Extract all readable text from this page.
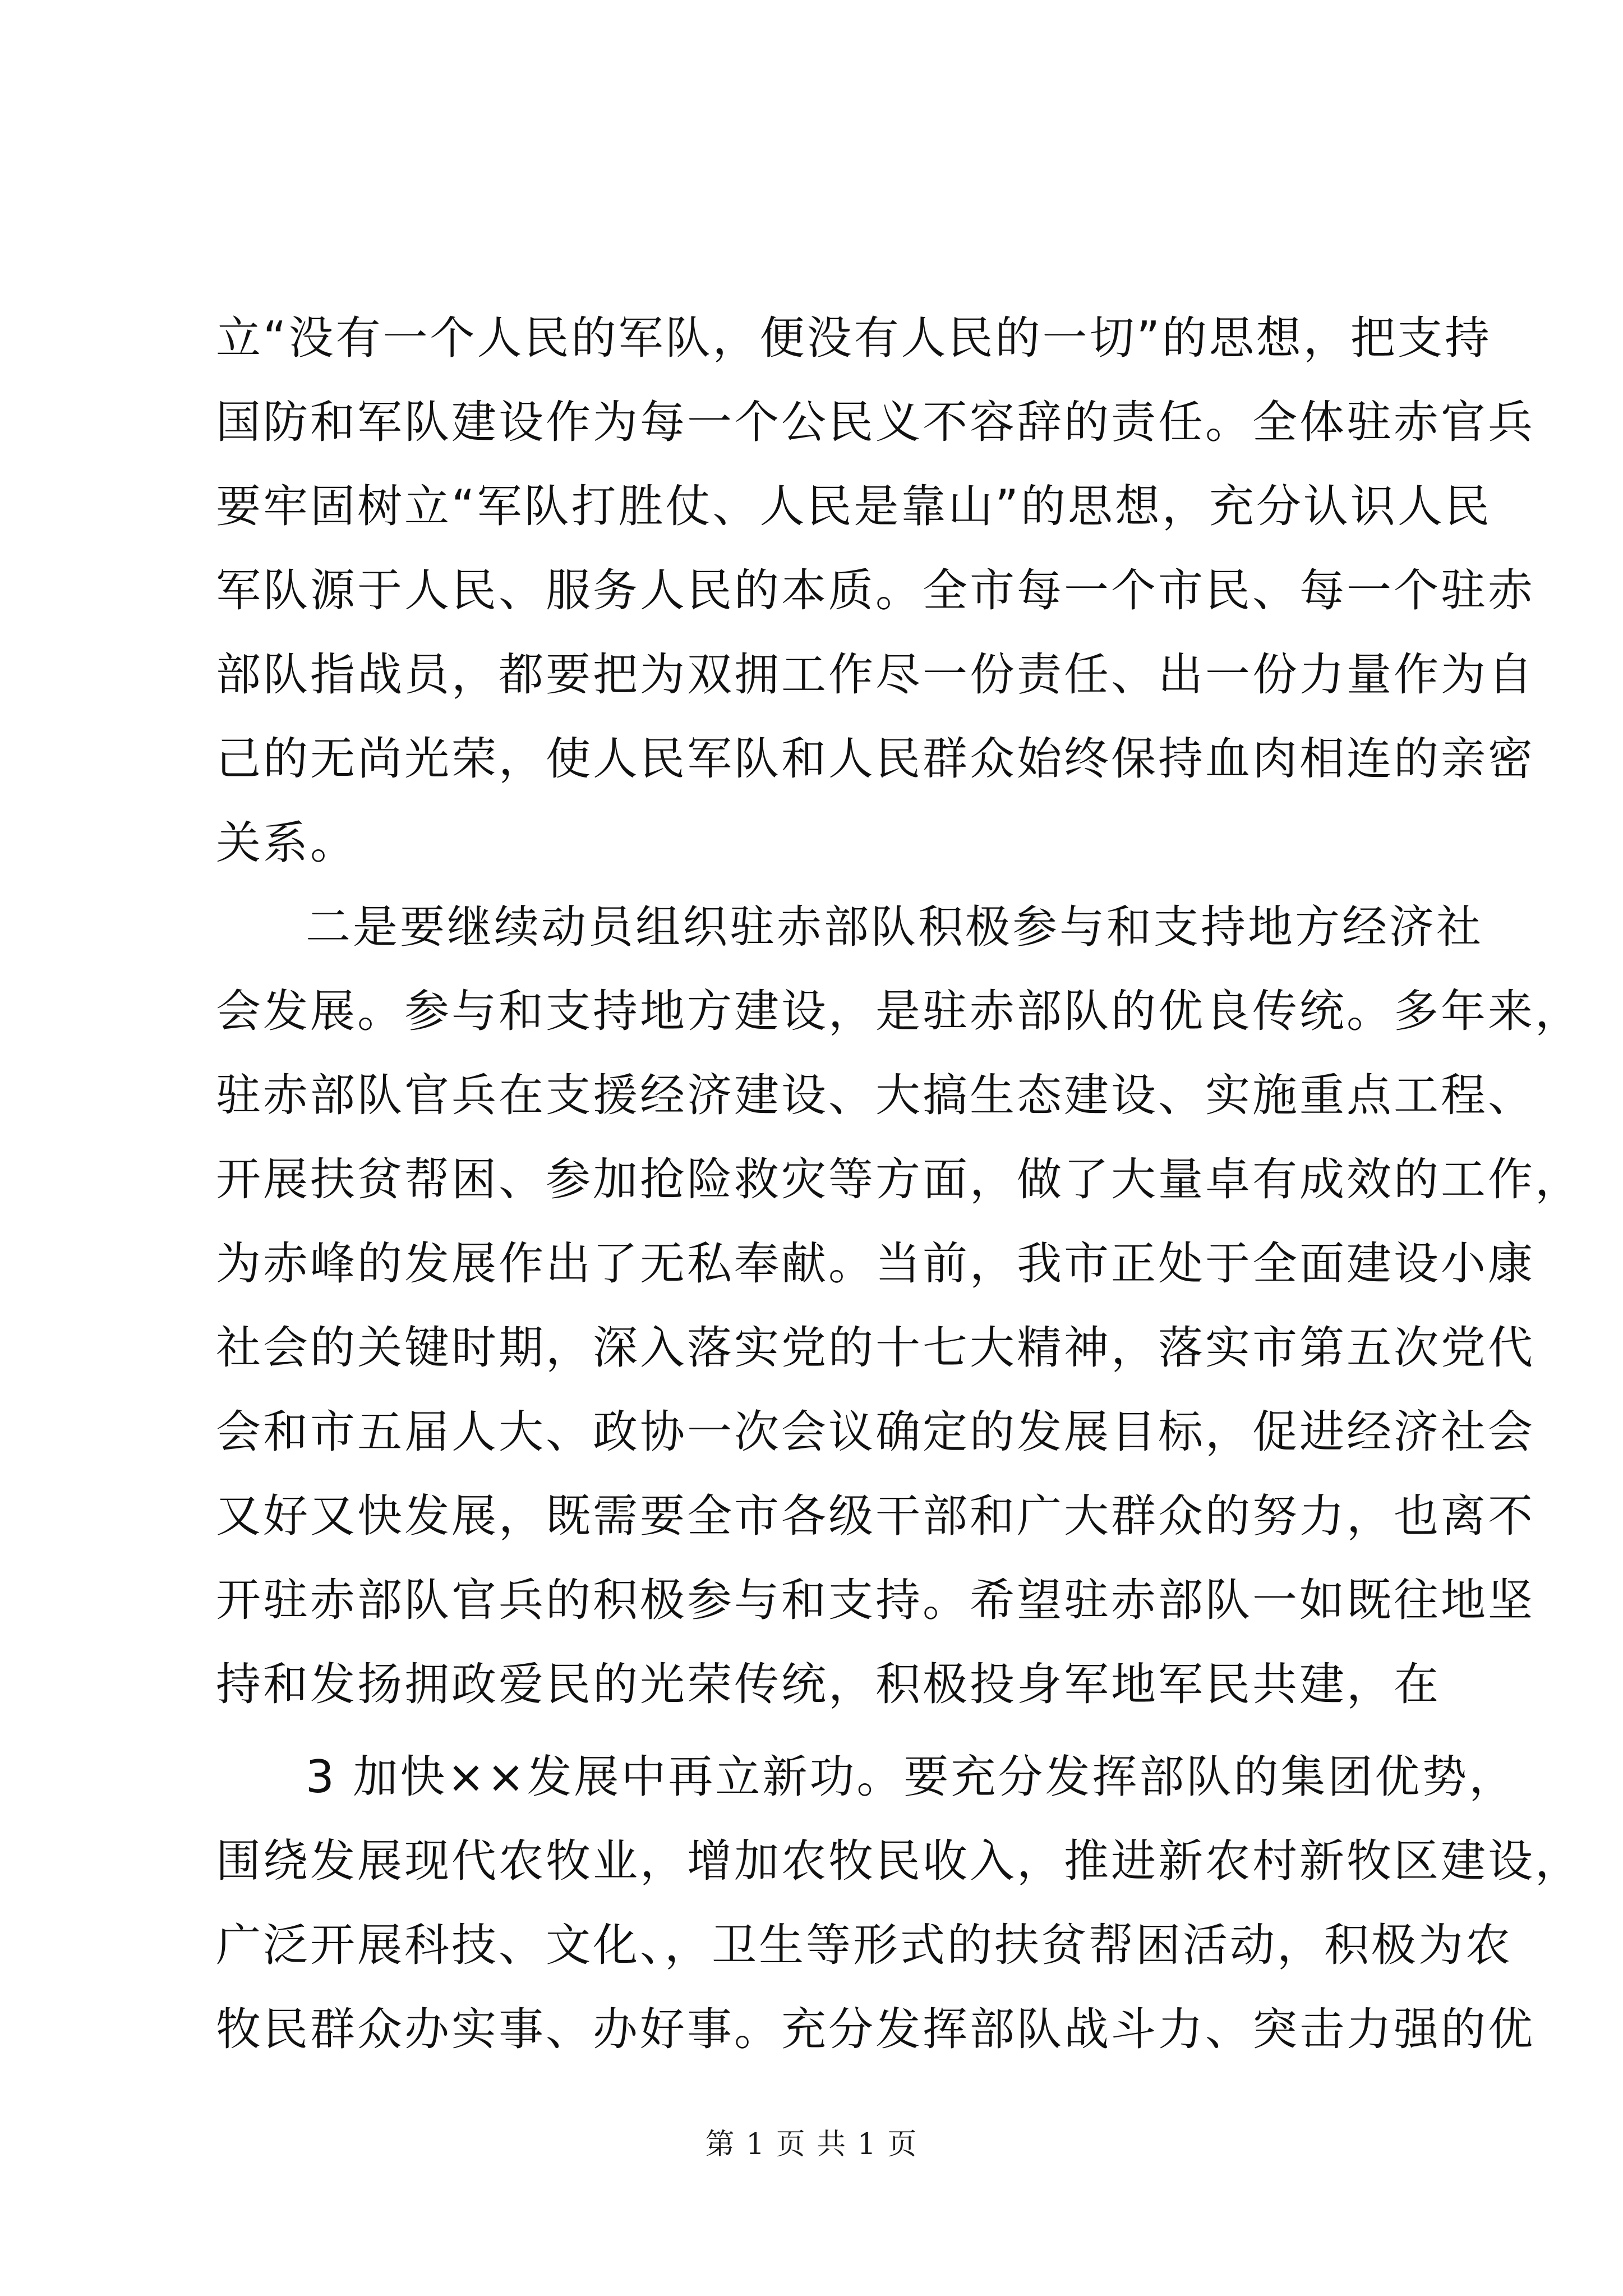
立“没有一个人民的军队，便没有人民的一切”的思想，把支持
国防和军队建设作为每一个公民义不容辞的责任。全体驻赤官兵
要牢固树立“军队打胜仗、人民是靠山”的思想，充分认识人民
军队源于人民、服务人民的本质。全市每一个市民、每一个驻赤
部队指战员，都要把为双拥工作尽一份责任、出一份力量作为自
己的无尚光荣，使人民军队和人民群众始终保持血肉相连的亲密
关系。
二是要继续动员组织驻赤部队积极参与和支持地方经济社
会发展。参与和支持地方建设，是驻赤部队的优良传统。多年来，
驻赤部队官兵在支援经济建设、大搞生态建设、实施重点工程、
开展扶贫帮困、参加抢险救灾等方面，做了大量卓有成效的工作，
为赤峰的发展作出了无私奉献。当前，我市正处于全面建设小康
社会的关键时期，深入落实党的十七大精神，落实市第五次党代
会和市五届人大、政协一次会议确定的发展目标，促进经济社会
又好又快发展，既需要全市各级干部和广大群众的努力，也离不
开驻赤部队官兵的积极参与和支持。希望驻赤部队一如既往地坚
持和发扬拥政爱民的光荣传统，积极投身军地军民共建，在
3 加快××发展中再立新功。要充分发挥部队的集团优势，
围绕发展现代农牧业，增加农牧民收入，推进新农村新牧区建设，
广泛开展科技、文化、，卫生等形式的扶贫帮困活动，积极为农
牧民群众办实事、办好事。充分发挥部队战斗力、突击力强的优
第 1 页 共 1 页
